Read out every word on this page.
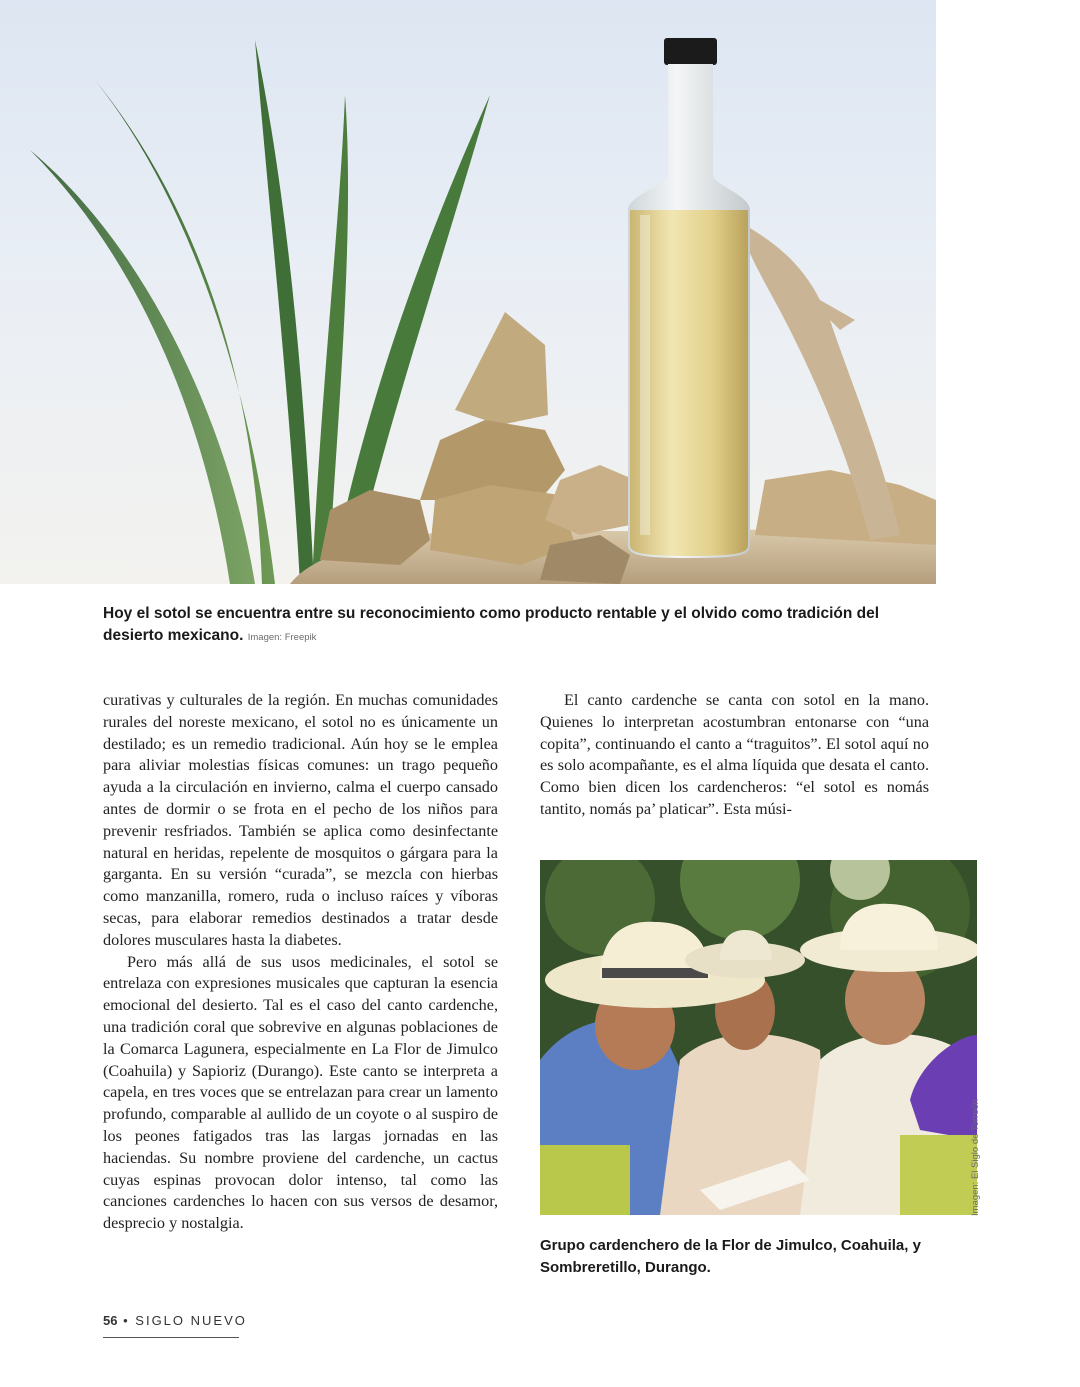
Hoy el sotol se encuentra entre su reconocimiento como producto rentable y el olvido como tradición del desierto mexicano. Imagen: Freepik

curativas y culturales de la región. En muchas comunidades rurales del noreste mexicano, el sotol no es únicamente un destilado; es un remedio tradicional. Aún hoy se le emplea para aliviar molestias físicas comunes: un trago pequeño ayuda a la circulación en invierno, calma el cuerpo cansado antes de dormir o se frota en el pecho de los niños para prevenir resfriados. También se aplica como desinfectante natural en heridas, repelente de mosquitos o gárgara para la garganta. En su versión “curada”, se mezcla con hierbas como manzanilla, romero, ruda o incluso raíces y víboras secas, para elaborar remedios destinados a tratar desde dolores musculares hasta la diabetes.

Pero más allá de sus usos medicinales, el sotol se entrelaza con expresiones musicales que capturan la esencia emocional del desierto. Tal es el caso del canto cardenche, una tradición coral que sobrevive en algunas poblaciones de la Comarca Lagunera, especialmente en La Flor de Jimulco (Coahuila) y Sapioriz (Durango). Este canto se interpreta a capela, en tres voces que se entrelazan para crear un lamento profundo, comparable al aullido de un coyote o al suspiro de los peones fatigados tras las largas jornadas en las haciendas. Su nombre proviene del cardenche, un cactus cuyas espinas provocan dolor intenso, tal como las canciones cardenches lo hacen con sus versos de desamor, desprecio y nostalgia.

El canto cardenche se canta con sotol en la mano. Quienes lo interpretan acostumbran entonarse con “una copita”, continuando el canto a “traguitos”. El sotol aquí no es solo acompañante, es el alma líquida que desata el canto. Como bien dicen los cardencheros: “el sotol es nomás tantito, nomás pa’ platicar”. Esta músi-

Imagen: El Siglo de Torreón
Grupo cardenchero de la Flor de Jimulco, Coahuila, y Sombreretillo, Durango.
56 • SIGLO NUEVO
